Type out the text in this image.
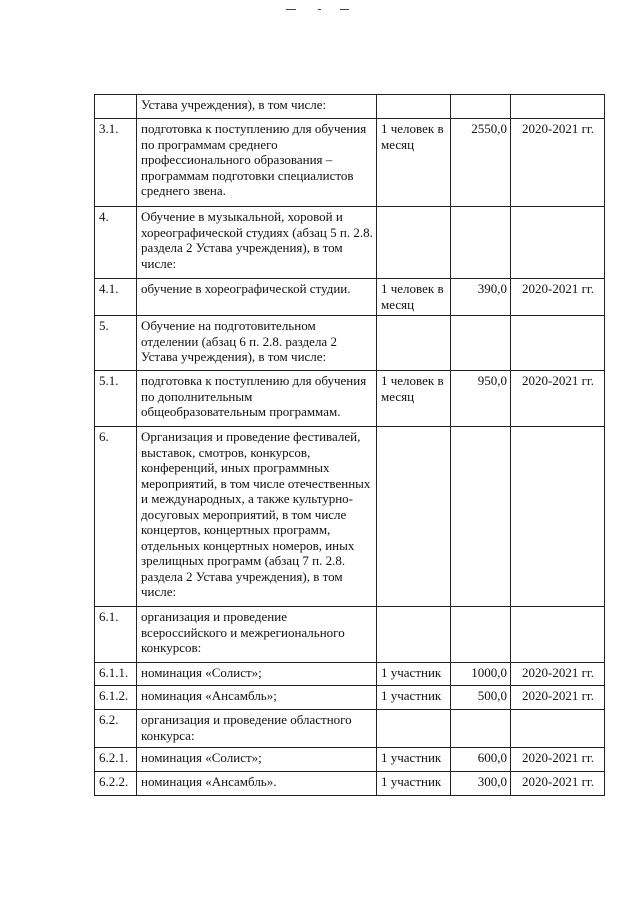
	Устава учреждения), в том числе:			
3.1.	подготовка к поступлению для обучения по программам среднего профессионального образования – программам подготовки специалистов среднего звена.	1 человек в месяц	2550,0	2020-2021 гг.
4.	Обучение в музыкальной, хоровой и хореографической студиях (абзац 5 п. 2.8. раздела 2 Устава учреждения), в том числе:			
4.1.	обучение в хореографической студии.	1 человек в месяц	390,0	2020-2021 гг.
5.	Обучение на подготовительном отделении (абзац 6 п. 2.8. раздела 2 Устава учреждения), в том числе:			
5.1.	подготовка к поступлению для обучения по дополнительным общеобразовательным программам.	1 человек в месяц	950,0	2020-2021 гг.
6.	Организация и проведение фестивалей, выставок, смотров, конкурсов, конференций, иных программных мероприятий, в том числе отечественных и международных, а также культурно-досуговых мероприятий, в том числе концертов, концертных программ, отдельных концертных номеров, иных зрелищных программ (абзац 7 п. 2.8. раздела 2 Устава учреждения), в том числе:			
6.1.	организация и проведение всероссийского и межрегионального конкурсов:			
6.1.1.	номинация «Солист»;	1 участник	1000,0	2020-2021 гг.
6.1.2.	номинация «Ансамбль»;	1 участник	500,0	2020-2021 гг.
6.2.	организация и проведение областного конкурса:			
6.2.1.	номинация «Солист»;	1 участник	600,0	2020-2021 гг.
6.2.2.	номинация «Ансамбль».	1 участник	300,0	2020-2021 гг.
